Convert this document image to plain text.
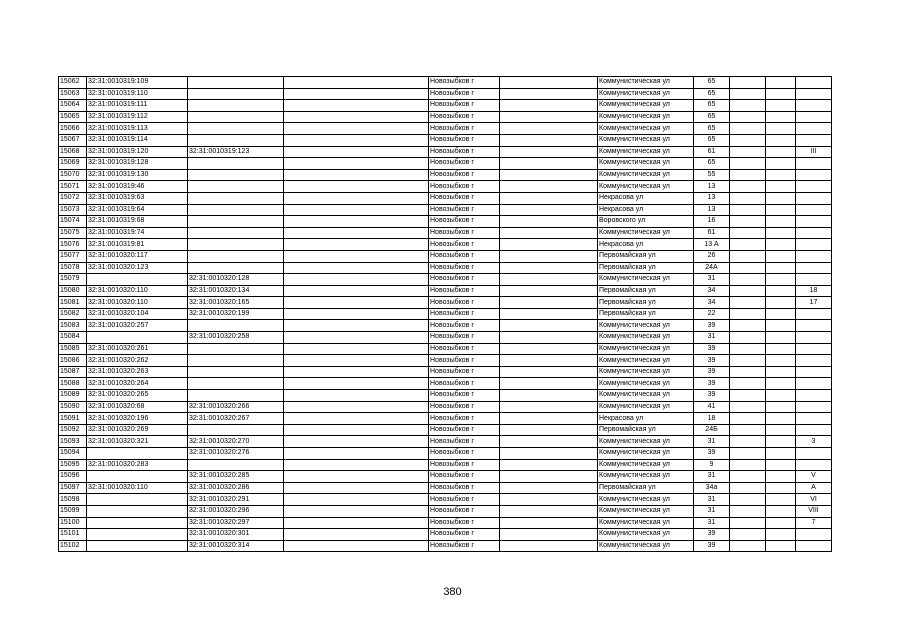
15062	32:31:0010319:109			Новозыбков г		Коммунистическая ул	65			
15063	32:31:0010319:110			Новозыбков г		Коммунистическая ул	65			
15064	32:31:0010319:111			Новозыбков г		Коммунистическая ул	65			
15065	32:31:0010319:112			Новозыбков г		Коммунистическая ул	65			
15066	32:31:0010319:113			Новозыбков г		Коммунистическая ул	65			
15067	32:31:0010319:114			Новозыбков г		Коммунистическая ул	65			
15068	32:31:0010319:120	32:31:0010319:123		Новозыбков г		Коммунистическая ул	61			III
15069	32:31:0010319:128			Новозыбков г		Коммунистическая ул	65			
15070	32:31:0010319:130			Новозыбков г		Коммунистическая ул	55			
15071	32:31:0010319:46			Новозыбков г		Коммунистическая ул	13			
15072	32:31:0010319:63			Новозыбков г		Некрасова ул	13			
15073	32:31:0010319:64			Новозыбков г		Некрасова ул	13			
15074	32:31:0010319:68			Новозыбков г		Воровского ул	16			
15075	32:31:0010319:74			Новозыбков г		Коммунистическая ул	61			
15076	32:31:0010319:81			Новозыбков г		Некрасова ул	13 А			
15077	32:31:0010320:117			Новозыбков г		Первомайская ул	26			
15078	32:31:0010320:123			Новозыбков г		Первомайская ул	24А			
15079		32:31:0010320:128		Новозыбков г		Коммунистическая ул	31			
15080	32:31:0010320:110	32:31:0010320:134		Новозыбков г		Первомайская ул	34			18
15081	32:31:0010320:110	32:31:0010320:165		Новозыбков г		Первомайская ул	34			17
15082	32:31:0010320:104	32:31:0010320:199		Новозыбков г		Первомайская ул	22			
15083	32:31:0010320:257			Новозыбков г		Коммунистическая ул	39			
15084		32:31:0010320:258		Новозыбков г		Коммунистическая ул	31			
15085	32:31:0010320:261			Новозыбков г		Коммунистическая ул	39			
15086	32:31:0010320:262			Новозыбков г		Коммунистическая ул	39			
15087	32:31:0010320:263			Новозыбков г		Коммунистическая ул	39			
15088	32:31:0010320:264			Новозыбков г		Коммунистическая ул	39			
15089	32:31:0010320:265			Новозыбков г		Коммунистическая ул	39			
15090	32:31:0010320:68	32:31:0010320:266		Новозыбков г		Коммунистическая ул	41			
15091	32:31:0010320:196	32:31:0010320:267		Новозыбков г		Некрасова ул	18			
15092	32:31:0010320:269			Новозыбков г		Первомайская ул	24Б			
15093	32:31:0010320:321	32:31:0010320:270		Новозыбков г		Коммунистическая ул	31			3
15094		32:31:0010320:276		Новозыбков г		Коммунистическая ул	39			
15095	32:31:0010320:283			Новозыбков г		Коммунистическая ул	9			
15096		32:31:0010320:285		Новозыбков г		Коммунистическая ул	31			V
15097	32:31:0010320:110	32:31:0010320:286		Новозыбков г		Первомайская ул	34а			А
15098		32:31:0010320:291		Новозыбков г		Коммунистическая ул	31			VI
15099		32:31:0010320:296		Новозыбков г		Коммунистическая ул	31			VIII
15100		32:31:0010320:297		Новозыбков г		Коммунистическая ул	31			7
15101		32:31:0010320:301		Новозыбков г		Коммунистическая ул	39			
15102		32:31:0010320:314		Новозыбков г		Коммунистическая ул	39			
380
